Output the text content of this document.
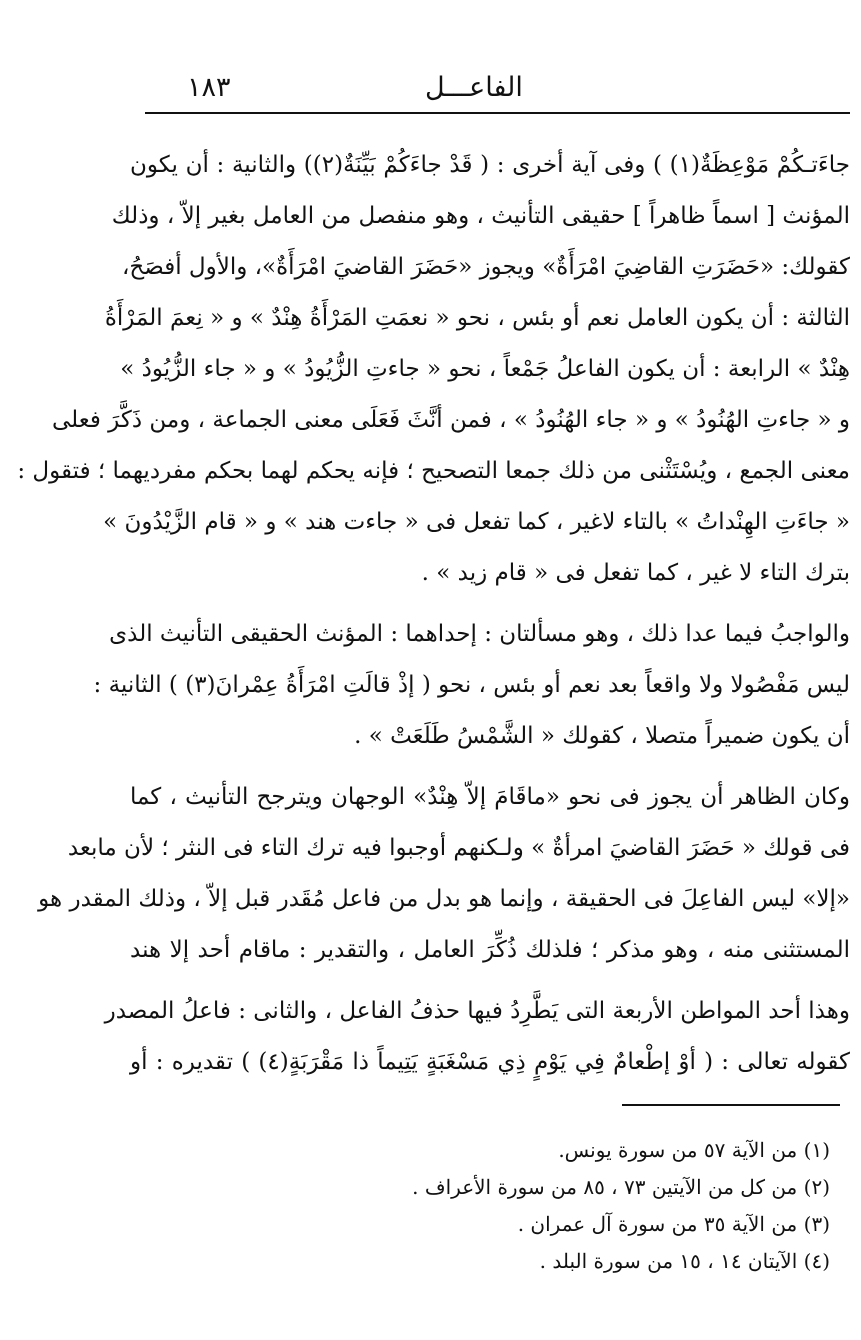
١٨٣	الفاعـــل
جاءَتـكُمْ مَوْعِظَةٌ(١) ) وفى آية أخرى : ( قَدْ جاءَكُمْ بَيِّنَةٌ(٢)) والثانية : أن يكون
المؤنث [ اسماً ظاهراً ] حقيقى التأنيث ، وهو منفصل من العامل بغير إلاّ ، وذلك
كقولك: «حَضَرَتِ القاضِيَ امْرَأَةٌ» ويجوز «حَضَرَ القاضيَ امْرَأَةٌ»، والأول أفصَحُ،
الثالثة : أن يكون العامل نعم أو بئس ، نحو « نعمَتِ المَرْأَةُ هِنْدٌ » و « نِعمَ المَرْأَةُ
هِنْدٌ » الرابعة : أن يكون الفاعلُ جَمْعاً ، نحو « جاءتِ الزُّيُودُ » و « جاء الزُّيُودُ »
و « جاءتِ الهُنُودُ » و « جاء الهُنُودُ » ، فمن أنَّثَ فَعَلَى معنى الجماعة ، ومن ذَكَّرَ فعلى
معنى الجمع ، ويُسْتَثْنى من ذلك جمعا التصحيح ؛ فإنه يحكم لهما بحكم مفرديهما ؛ فتقول :
« جاءَتِ الهِنْداتُ » بالتاء لاغير ، كما تفعل فى « جاءت هند » و « قام الزَّيْدُونَ »
بترك التاء لا غير ، كما تفعل فى « قام زيد » .
والواجبُ فيما عدا ذلك ، وهو مسألتان : إحداهما : المؤنث الحقيقى التأنيث الذى
ليس مَفْصُولا ولا واقعاً بعد نعم أو بئس ، نحو ( إذْ قالَتِ امْرَأَةُ عِمْرانَ(٣) ) الثانية :
أن يكون ضميراً متصلا ، كقولك « الشَّمْسُ طَلَعَتْ » .
وكان الظاهر أن يجوز فى نحو «ماقَامَ إلاّ هِنْدٌ» الوجهان ويترجح التأنيث ، كما
فى قولك « حَضَرَ القاضيَ امرأةٌ » ولـكنهم أوجبوا فيه ترك التاء فى النثر ؛ لأن مابعد
«إلا» ليس الفاعِلَ فى الحقيقة ، وإنما هو بدل من فاعل مُقَدر قبل إلاّ ، وذلك المقدر هو
المستثنى منه ، وهو مذكر ؛ فلذلك ذُكِّرَ العامل ، والتقدير : ماقام أحد إلا هند
وهذا أحد المواطن الأربعة التى يَطَّرِدُ فيها حذفُ الفاعل ، والثانى : فاعلُ المصدر
كقوله تعالى : ( أوْ إطْعامٌ فِي يَوْمٍ ذِي مَسْغَبَةٍ يَتِيماً ذا مَقْرَبَةٍ(٤) ) تقديره : أو
(١) من الآية ٥٧ من سورة يونس.
(٢) من كل من الآيتين ٧٣ ، ٨٥ من سورة الأعراف .
(٣) من الآية ٣٥ من سورة آل عمران .
(٤) الآيتان ١٤ ، ١٥ من سورة البلد .
